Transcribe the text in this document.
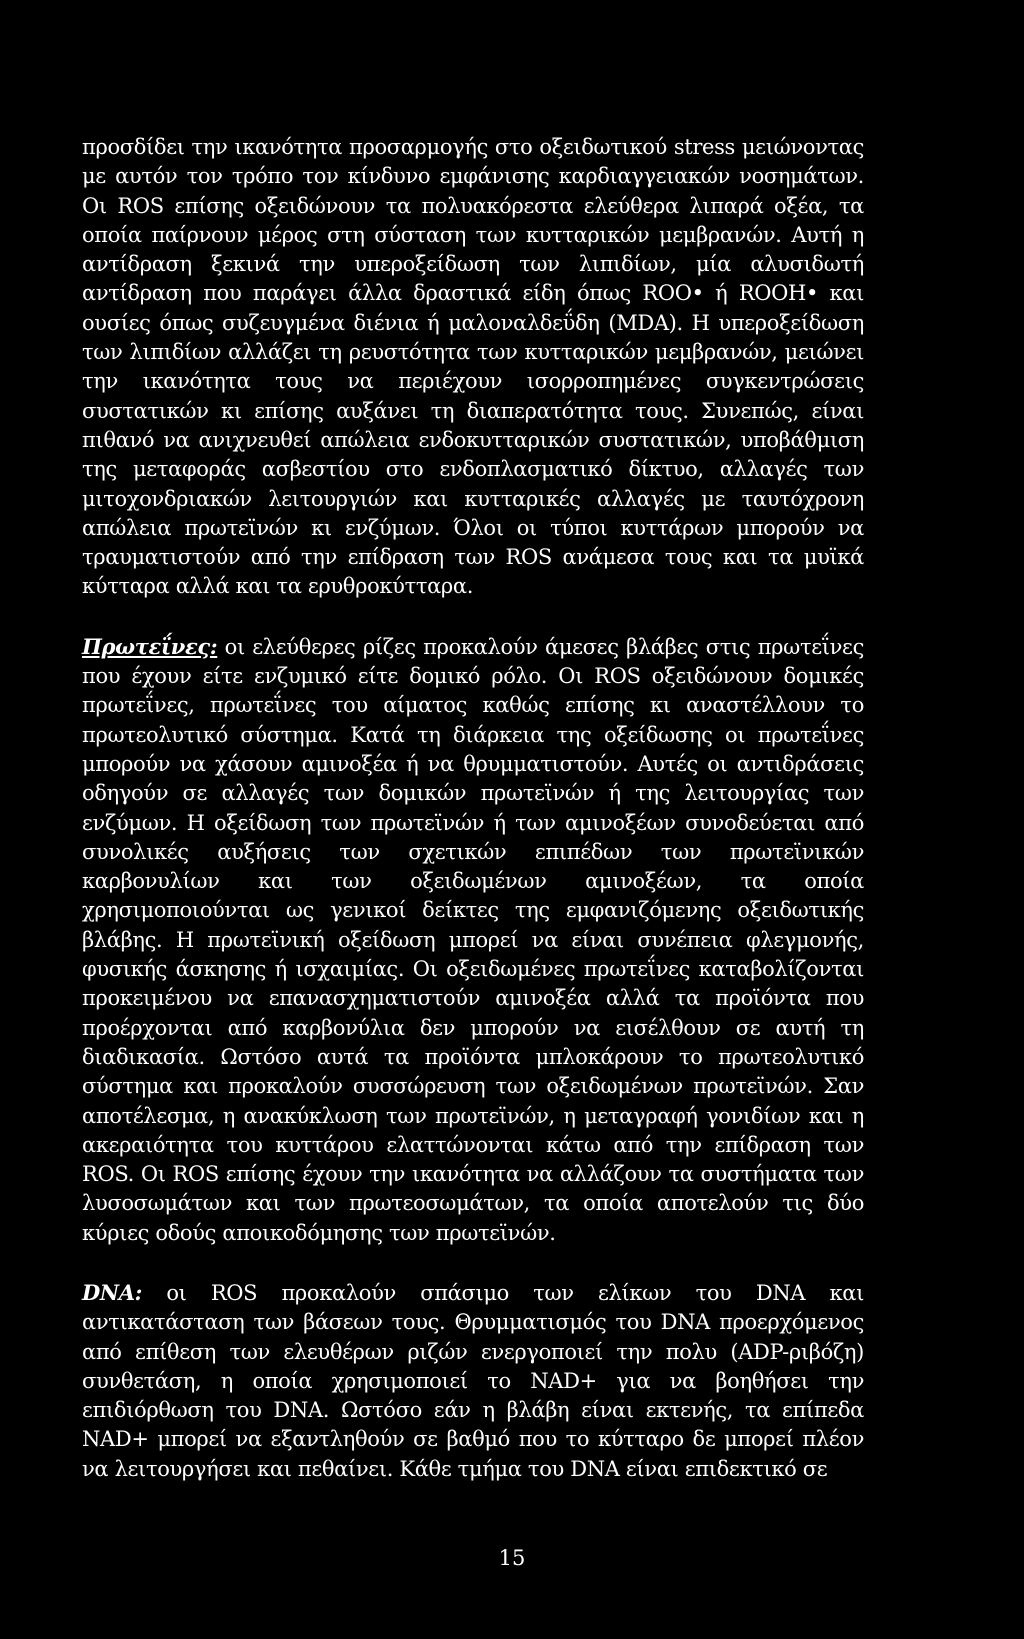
προσδίδει την ικανότητα προσαρμογής στο οξειδωτικού stress μειώνοντας με αυτόν τον τρόπο τον κίνδυνο εμφάνισης καρδιαγγειακών νοσημάτων. Οι ROS επίσης οξειδώνουν τα πολυακόρεστα ελεύθερα λιπαρά οξέα, τα οποία παίρνουν μέρος στη σύσταση των κυτταρικών μεμβρανών. Αυτή η αντίδραση ξεκινά την υπεροξείδωση των λιπιδίων, μία αλυσιδωτή αντίδραση που παράγει άλλα δραστικά είδη όπως ROO• ή ROOH• και ουσίες όπως συζευγμένα διένια ή μαλοναλδεΰδη (MDA). Η υπεροξείδωση των λιπιδίων αλλάζει τη ρευστότητα των κυτταρικών μεμβρανών, μειώνει την ικανότητα τους να περιέχουν ισορροπημένες συγκεντρώσεις συστατικών κι επίσης αυξάνει τη διαπερατότητα τους. Συνεπώς, είναι πιθανό να ανιχνευθεί απώλεια ενδοκυτταρικών συστατικών, υποβάθμιση της μεταφοράς ασβεστίου στο ενδοπλασματικό δίκτυο, αλλαγές των μιτοχονδριακών λειτουργιών και κυτταρικές αλλαγές με ταυτόχρονη απώλεια πρωτεϊνών κι ενζύμων. Όλοι οι τύποι κυττάρων μπορούν να τραυματιστούν από την επίδραση των ROS ανάμεσα τους και τα μυϊκά κύτταρα αλλά και τα ερυθροκύτταρα.

Πρωτεΐνες: οι ελεύθερες ρίζες προκαλούν άμεσες βλάβες στις πρωτεΐνες που έχουν είτε ενζυμικό είτε δομικό ρόλο. Οι ROS οξειδώνουν δομικές πρωτεΐνες, πρωτεΐνες του αίματος καθώς επίσης κι αναστέλλουν το πρωτεολυτικό σύστημα. Κατά τη διάρκεια της οξείδωσης οι πρωτεΐνες μπορούν να χάσουν αμινοξέα ή να θρυμματιστούν. Αυτές οι αντιδράσεις οδηγούν σε αλλαγές των δομικών πρωτεϊνών ή της λειτουργίας των ενζύμων. Η οξείδωση των πρωτεϊνών ή των αμινοξέων συνοδεύεται από συνολικές αυξήσεις των σχετικών επιπέδων των πρωτεϊνικών καρβονυλίων και των οξειδωμένων αμινοξέων, τα οποία χρησιμοποιούνται ως γενικοί δείκτες της εμφανιζόμενης οξειδωτικής βλάβης. Η πρωτεϊνική οξείδωση μπορεί να είναι συνέπεια φλεγμονής, φυσικής άσκησης ή ισχαιμίας. Οι οξειδωμένες πρωτεΐνες καταβολίζονται προκειμένου να επανασχηματιστούν αμινοξέα αλλά τα προϊόντα που προέρχονται από καρβονύλια δεν μπορούν να εισέλθουν σε αυτή τη διαδικασία. Ωστόσο αυτά τα προϊόντα μπλοκάρουν το πρωτεολυτικό σύστημα και προκαλούν συσσώρευση των οξειδωμένων πρωτεϊνών. Σαν αποτέλεσμα, η ανακύκλωση των πρωτεϊνών, η μεταγραφή γονιδίων και η ακεραιότητα του κυττάρου ελαττώνονται κάτω από την επίδραση των ROS. Οι ROS επίσης έχουν την ικανότητα να αλλάζουν τα συστήματα των λυσοσωμάτων και των πρωτεοσωμάτων, τα οποία αποτελούν τις δύο κύριες οδούς αποικοδόμησης των πρωτεϊνών.

DNA: οι ROS προκαλούν σπάσιμο των ελίκων του DNA και αντικατάσταση των βάσεων τους. Θρυμματισμός του DNA προερχόμενος από επίθεση των ελευθέρων ριζών ενεργοποιεί την πολυ (ADP-ριβόζη) συνθετάση, η οποία χρησιμοποιεί το NAD+ για να βοηθήσει την επιδιόρθωση του DNA. Ωστόσο εάν η βλάβη είναι εκτενής, τα επίπεδα NAD+ μπορεί να εξαντληθούν σε βαθμό που το κύτταρο δε μπορεί πλέον να λειτουργήσει και πεθαίνει. Κάθε τμήμα του DNA είναι επιδεκτικό σε

15
